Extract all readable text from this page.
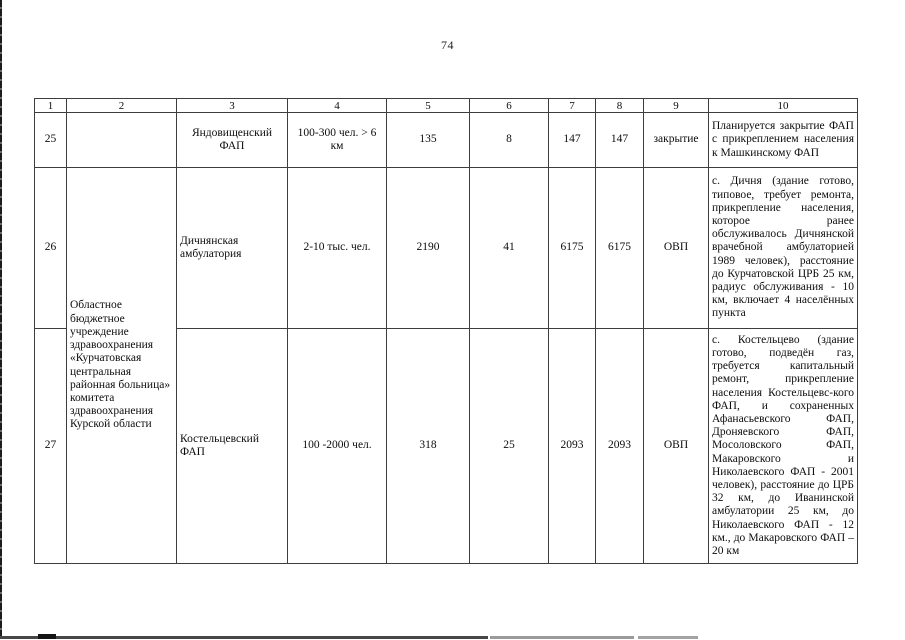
74
1	2	3	4	5	6	7	8	9	10
25		Яндовищенский ФАП	100-300 чел. > 6 км	135	8	147	147	закрытие	Планируется закрытие ФАП с прикреплением населения к Машкинскому ФАП
26	Областное бюджетное учреждение здравоохранения «Курчатовская центральная районная больница» комитета здравоохранения Курской области	Дичнянская амбулатория	2-10 тыс. чел.	2190	41	6175	6175	ОВП	с. Дичня (здание готово, типовое, требует ремонта, прикрепление населения, которое ранее обслуживалось Дичнянской врачебной амбулаторией 1989 человек), расстояние до Курчатовской ЦРБ 25 км, радиус обслуживания - 10 км, включает 4 населённых пункта
27		Костельцевский ФАП	100 -2000 чел.	318	25	2093	2093	ОВП	с. Костельцево (здание готово, подведён газ, требуется капитальный ремонт, прикрепление населения Костельцевс-кого ФАП, и сохраненных Афанасьевского ФАП, Дроняевского ФАП, Мосоловского ФАП, Макаровского и Николаевского ФАП - 2001 человек), расстояние до ЦРБ 32 км, до Иванинской амбулатории 25 км, до Николаевского ФАП - 12 км., до Макаровского ФАП – 20 км
